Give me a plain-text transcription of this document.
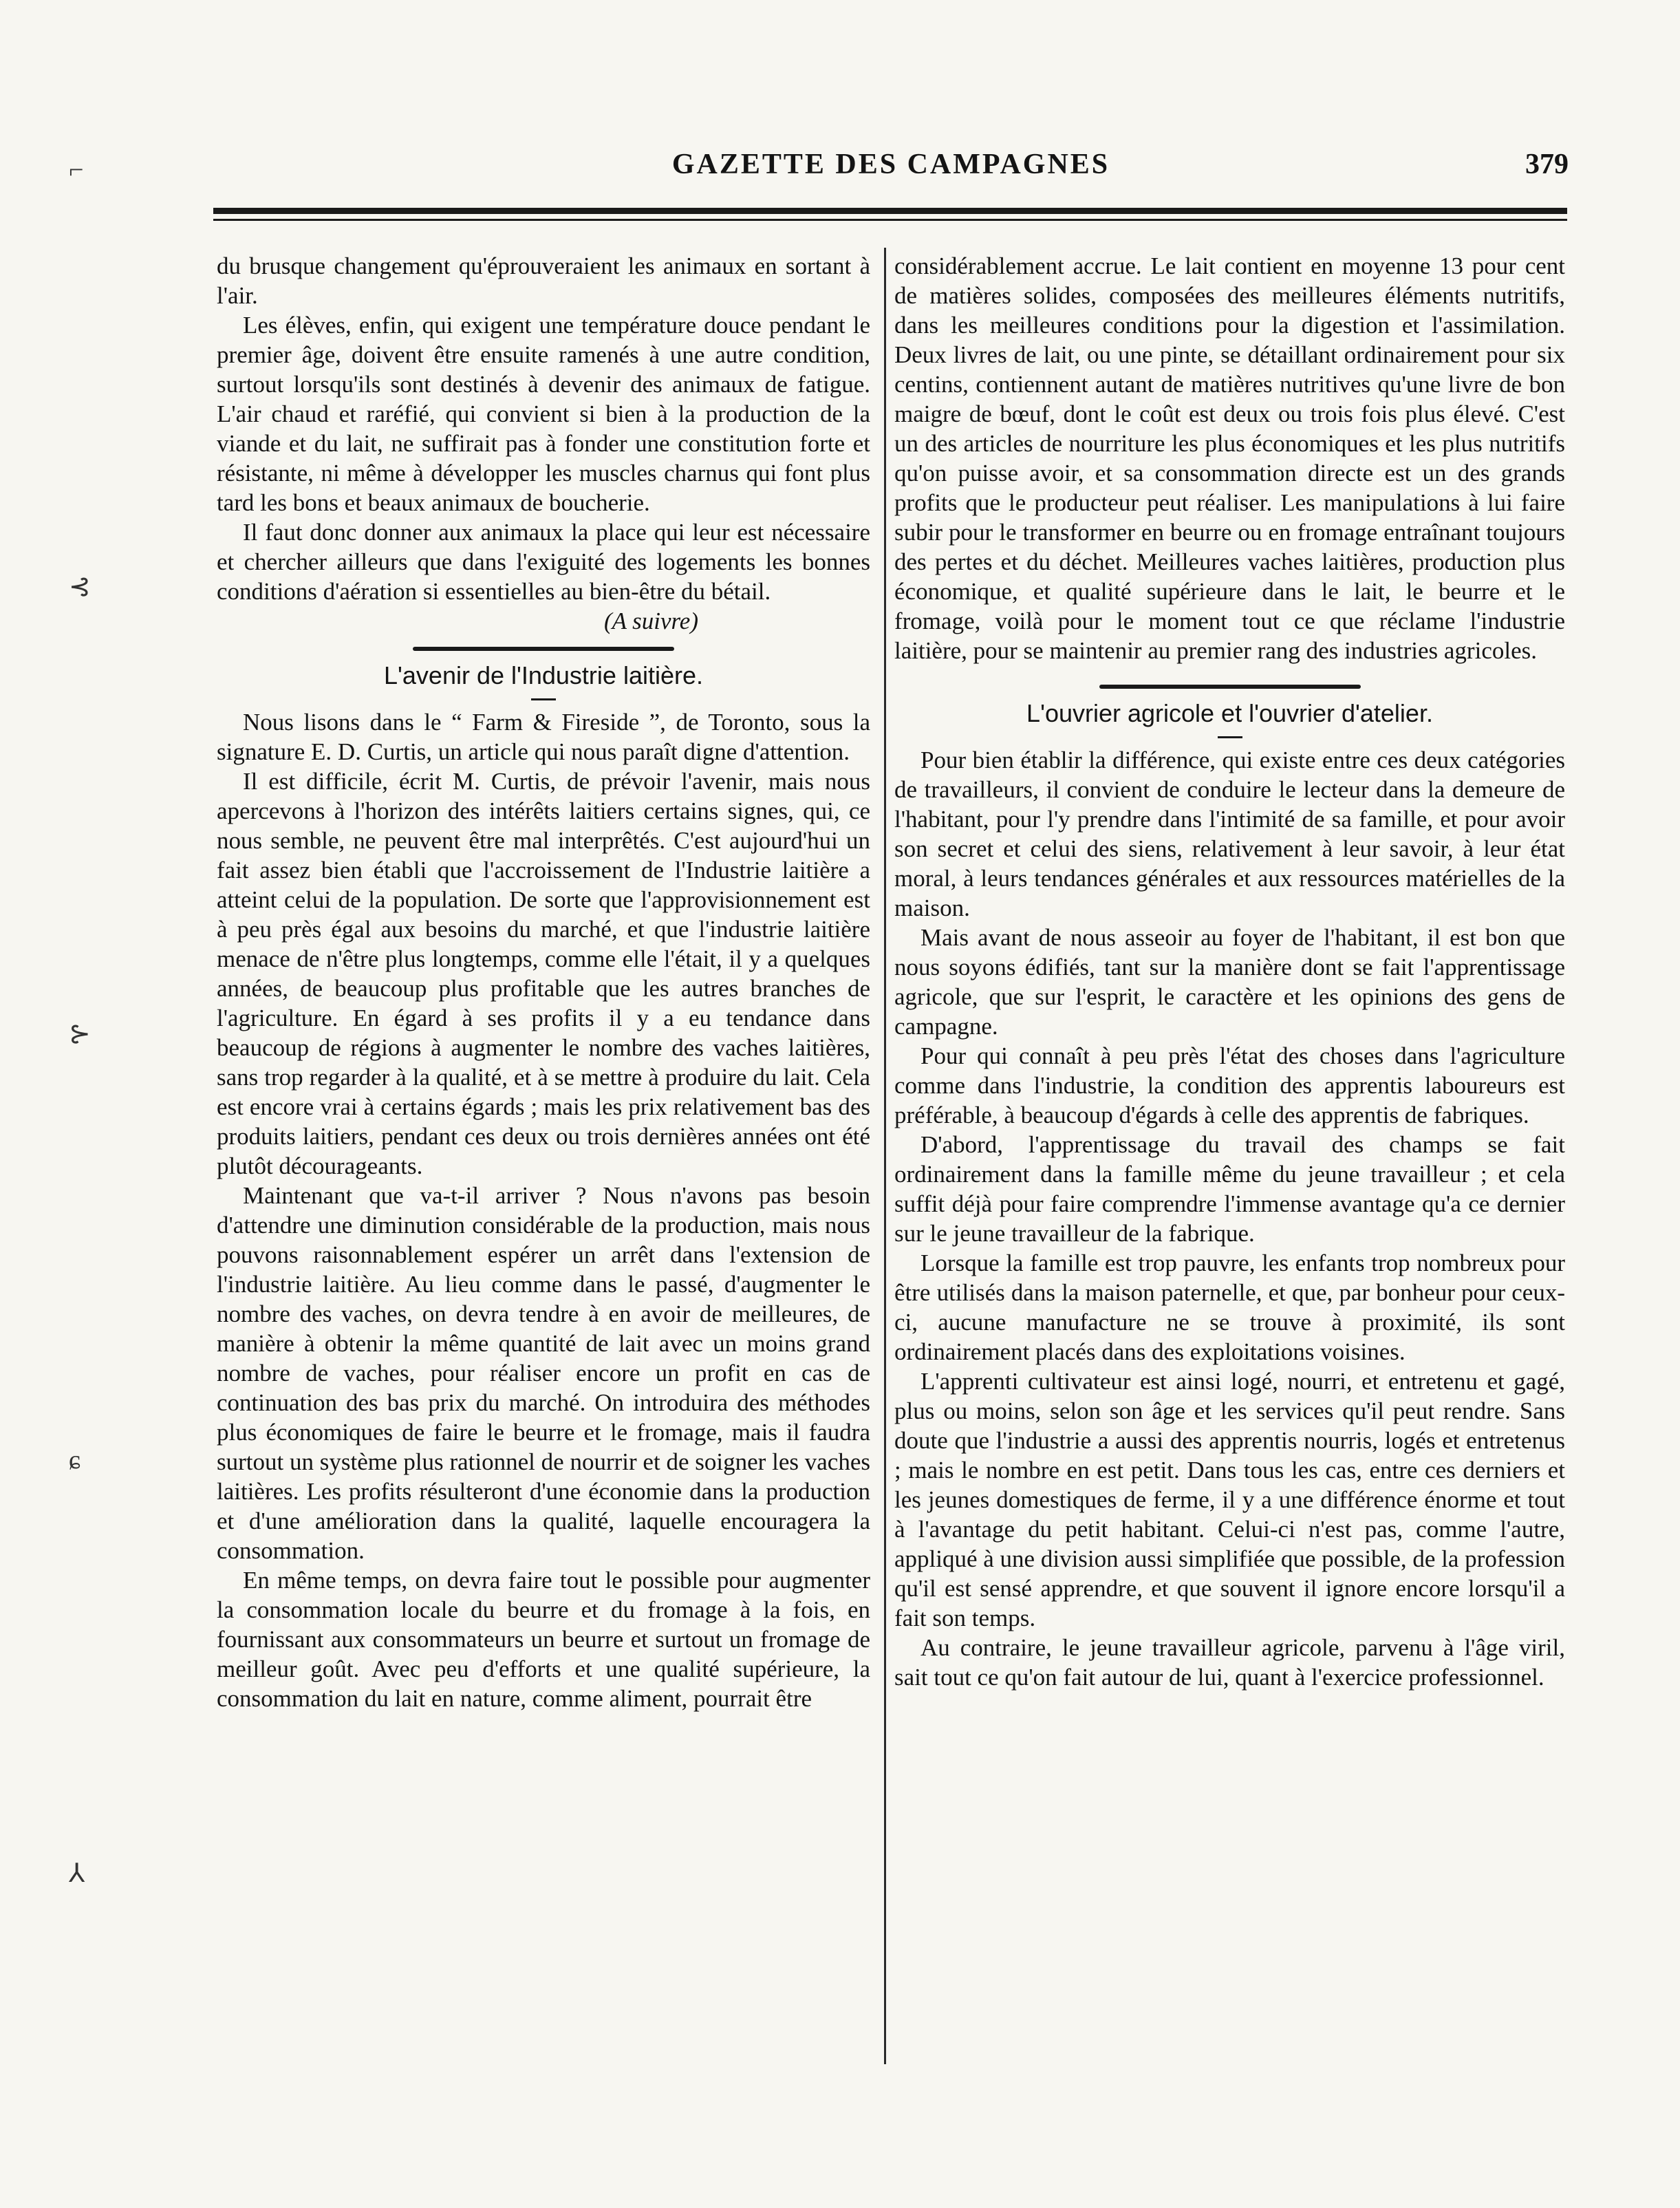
⌐
⊰
⊱
ɕ
⅄
GAZETTE DES CAMPAGNES	379

du brusque changement qu'éprouveraient les animaux en sortant à l'air.

Les élèves, enfin, qui exigent une température douce pendant le premier âge, doivent être ensuite ramenés à une autre condition, surtout lorsqu'ils sont destinés à devenir des animaux de fatigue. L'air chaud et raréfié, qui convient si bien à la production de la viande et du lait, ne suffirait pas à fonder une constitution forte et résistante, ni même à développer les muscles charnus qui font plus tard les bons et beaux animaux de boucherie.

Il faut donc donner aux animaux la place qui leur est nécessaire et chercher ailleurs que dans l'exiguité des logements les bonnes conditions d'aération si essentielles au bien-être du bétail.

(A suivre)

L'avenir de l'Industrie laitière.

Nous lisons dans le “ Farm & Fireside ”, de Toronto, sous la signature E. D. Curtis, un article qui nous paraît digne d'attention.

Il est difficile, écrit M. Curtis, de prévoir l'avenir, mais nous apercevons à l'horizon des intérêts laitiers certains signes, qui, ce nous semble, ne peuvent être mal interprêtés. C'est aujourd'hui un fait assez bien établi que l'accroissement de l'Industrie laitière a atteint celui de la population. De sorte que l'approvisionnement est à peu près égal aux besoins du marché, et que l'industrie laitière menace de n'être plus longtemps, comme elle l'était, il y a quelques années, de beaucoup plus profitable que les autres branches de l'agriculture. En égard à ses profits il y a eu tendance dans beaucoup de régions à augmenter le nombre des vaches laitières, sans trop regarder à la qualité, et à se mettre à produire du lait. Cela est encore vrai à certains égards ; mais les prix relativement bas des produits laitiers, pendant ces deux ou trois dernières années ont été plutôt décourageants.

Maintenant que va-t-il arriver ? Nous n'avons pas besoin d'attendre une diminution considérable de la production, mais nous pouvons raisonnablement espérer un arrêt dans l'extension de l'industrie laitière. Au lieu comme dans le passé, d'augmenter le nombre des vaches, on devra tendre à en avoir de meilleures, de manière à obtenir la même quantité de lait avec un moins grand nombre de vaches, pour réaliser encore un profit en cas de continuation des bas prix du marché. On introduira des méthodes plus économiques de faire le beurre et le fromage, mais il faudra surtout un système plus rationnel de nourrir et de soigner les vaches laitières. Les profits résulteront d'une économie dans la production et d'une amélioration dans la qualité, laquelle encouragera la consommation.

En même temps, on devra faire tout le possible pour augmenter la consommation locale du beurre et du fromage à la fois, en fournissant aux consommateurs un beurre et surtout un fromage de meilleur goût. Avec peu d'efforts et une qualité supérieure, la consommation du lait en nature, comme aliment, pourrait être

considérablement accrue. Le lait contient en moyenne 13 pour cent de matières solides, composées des meilleures éléments nutritifs, dans les meilleures conditions pour la digestion et l'assimilation. Deux livres de lait, ou une pinte, se détaillant ordinairement pour six centins, contiennent autant de matières nutritives qu'une livre de bon maigre de bœuf, dont le coût est deux ou trois fois plus élevé. C'est un des articles de nourriture les plus économiques et les plus nutritifs qu'on puisse avoir, et sa consommation directe est un des grands profits que le producteur peut réaliser. Les manipulations à lui faire subir pour le transformer en beurre ou en fromage entraînant toujours des pertes et du déchet. Meilleures vaches laitières, production plus économique, et qualité supérieure dans le lait, le beurre et le fromage, voilà pour le moment tout ce que réclame l'industrie laitière, pour se maintenir au premier rang des industries agricoles.

L'ouvrier agricole et l'ouvrier d'atelier.

Pour bien établir la différence, qui existe entre ces deux catégories de travailleurs, il convient de conduire le lecteur dans la demeure de l'habitant, pour l'y prendre dans l'intimité de sa famille, et pour avoir son secret et celui des siens, relativement à leur savoir, à leur état moral, à leurs tendances générales et aux ressources matérielles de la maison.

Mais avant de nous asseoir au foyer de l'habitant, il est bon que nous soyons édifiés, tant sur la manière dont se fait l'apprentissage agricole, que sur l'esprit, le caractère et les opinions des gens de campagne.

Pour qui connaît à peu près l'état des choses dans l'agriculture comme dans l'industrie, la condition des apprentis laboureurs est préférable, à beaucoup d'égards à celle des apprentis de fabriques.

D'abord, l'apprentissage du travail des champs se fait ordinairement dans la famille même du jeune travailleur ; et cela suffit déjà pour faire comprendre l'immense avantage qu'a ce dernier sur le jeune travailleur de la fabrique.

Lorsque la famille est trop pauvre, les enfants trop nombreux pour être utilisés dans la maison paternelle, et que, par bonheur pour ceux-ci, aucune manufacture ne se trouve à proximité, ils sont ordinairement placés dans des exploitations voisines.

L'apprenti cultivateur est ainsi logé, nourri, et entretenu et gagé, plus ou moins, selon son âge et les services qu'il peut rendre. Sans doute que l'industrie a aussi des apprentis nourris, logés et entretenus ; mais le nombre en est petit. Dans tous les cas, entre ces derniers et les jeunes domestiques de ferme, il y a une différence énorme et tout à l'avantage du petit habitant. Celui-ci n'est pas, comme l'autre, appliqué à une division aussi simplifiée que possible, de la profession qu'il est sensé apprendre, et que souvent il ignore encore lorsqu'il a fait son temps.

Au contraire, le jeune travailleur agricole, parvenu à l'âge viril, sait tout ce qu'on fait autour de lui, quant à l'exercice professionnel.
